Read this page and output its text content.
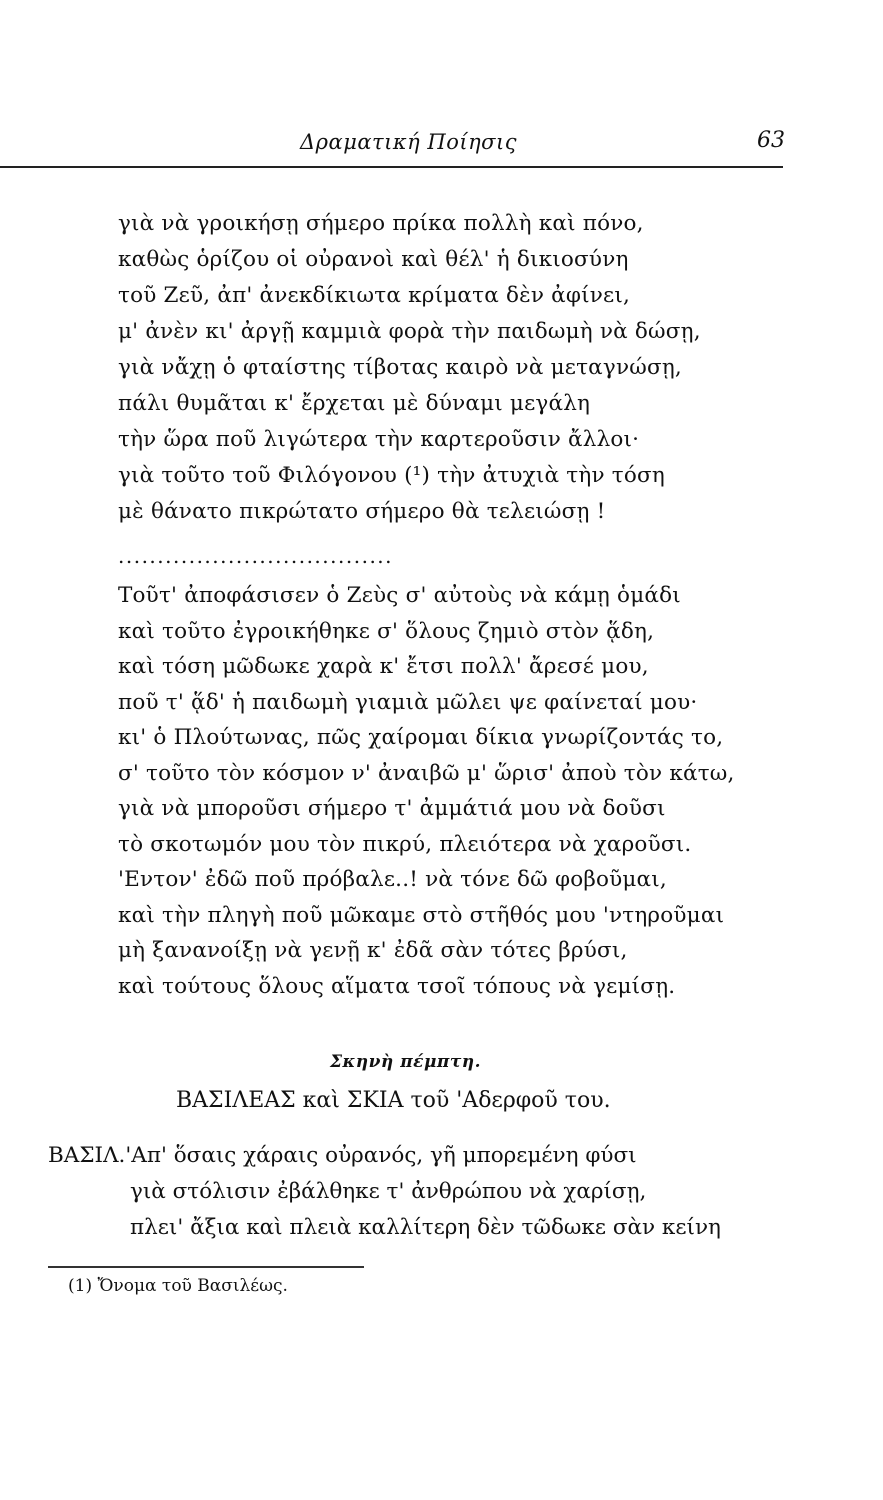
Δραματική Ποίησις	63
γιὰ νὰ γροικήσῃ σήμερο πρίκα πολλὴ καὶ πόνο,
καθὼς ὁρίζου οἱ οὐρανοὶ καὶ θέλ' ἡ δικιοσύνη
τοῦ Ζεῦ, ἀπ' ἀνεκδίκιωτα κρίματα δὲν ἀφίνει,
μ' ἀνὲν κι' ἀργῇ καμμιὰ φορὰ τὴν παιδωμὴ νὰ δώσῃ,
γιὰ νἄχῃ ὁ φταίστης τίβοτας καιρὸ νὰ μεταγνώσῃ,
πάλι θυμᾶται κ' ἔρχεται μὲ δύναμι μεγάλη
τὴν ὥρα ποῦ λιγώτερα τὴν καρτεροῦσιν ἄλλοι·
γιὰ τοῦτο τοῦ Φιλόγονου (¹) τὴν ἀτυχιὰ τὴν τόση
μὲ θάνατο πικρώτατο σήμερο θὰ τελειώσῃ !
...................................
Τοῦτ' ἀποφάσισεν ὁ Ζεὺς σ' αὐτοὺς νὰ κάμῃ ὁμάδι
καὶ τοῦτο ἐγροικήθηκε σ' ὅλους ζημιὸ στὸν ᾅδη,
καὶ τόση μῶδωκε χαρὰ κ' ἔτσι πολλ' ἄρεσέ μου,
ποῦ τ' ᾅδ' ἡ παιδωμὴ γιαμιὰ μῶλει ψε φαίνεταί μου·
κι' ὁ Πλούτωνας, πῶς χαίρομαι δίκια γνωρίζοντάς το,
σ' τοῦτο τὸν κόσμον ν' ἀναιβῶ μ' ὥρισ' ἀποὺ τὸν κάτω,
γιὰ νὰ μποροῦσι σήμερο τ' ἀμμάτιά μου νὰ δοῦσι
τὸ σκοτωμόν μου τὸν πικρύ, πλειότερα νὰ χαροῦσι.
'Εντον' ἐδῶ ποῦ πρόβαλε..! νὰ τόνε δῶ φοβοῦμαι,
καὶ τὴν πληγὴ ποῦ μῶκαμε στὸ στῆθός μου 'ντηροῦμαι
μὴ ξανανοίξῃ νὰ γενῇ κ' ἐδᾶ σὰν τότες βρύσι,
καὶ τούτους ὅλους αἵματα τσοῖ τόπους νὰ γεμίσῃ.
Σκηνὴ πέμπτη.
ΒΑΣΙΛΕΑΣ καὶ ΣΚΙΑ τοῦ 'Αδερφοῦ του.
ΒΑΣΙΛ.'Απ' ὅσαις χάραις οὐρανός, γῆ μπορεμένη φύσι
γιὰ στόλισιν ἐβάλθηκε τ' ἀνθρώπου νὰ χαρίσῃ,
πλει' ἄξια καὶ πλειὰ καλλίτερη δὲν τῶδωκε σὰν κείνη
(1) Ὄνομα τοῦ Βασιλέως.
